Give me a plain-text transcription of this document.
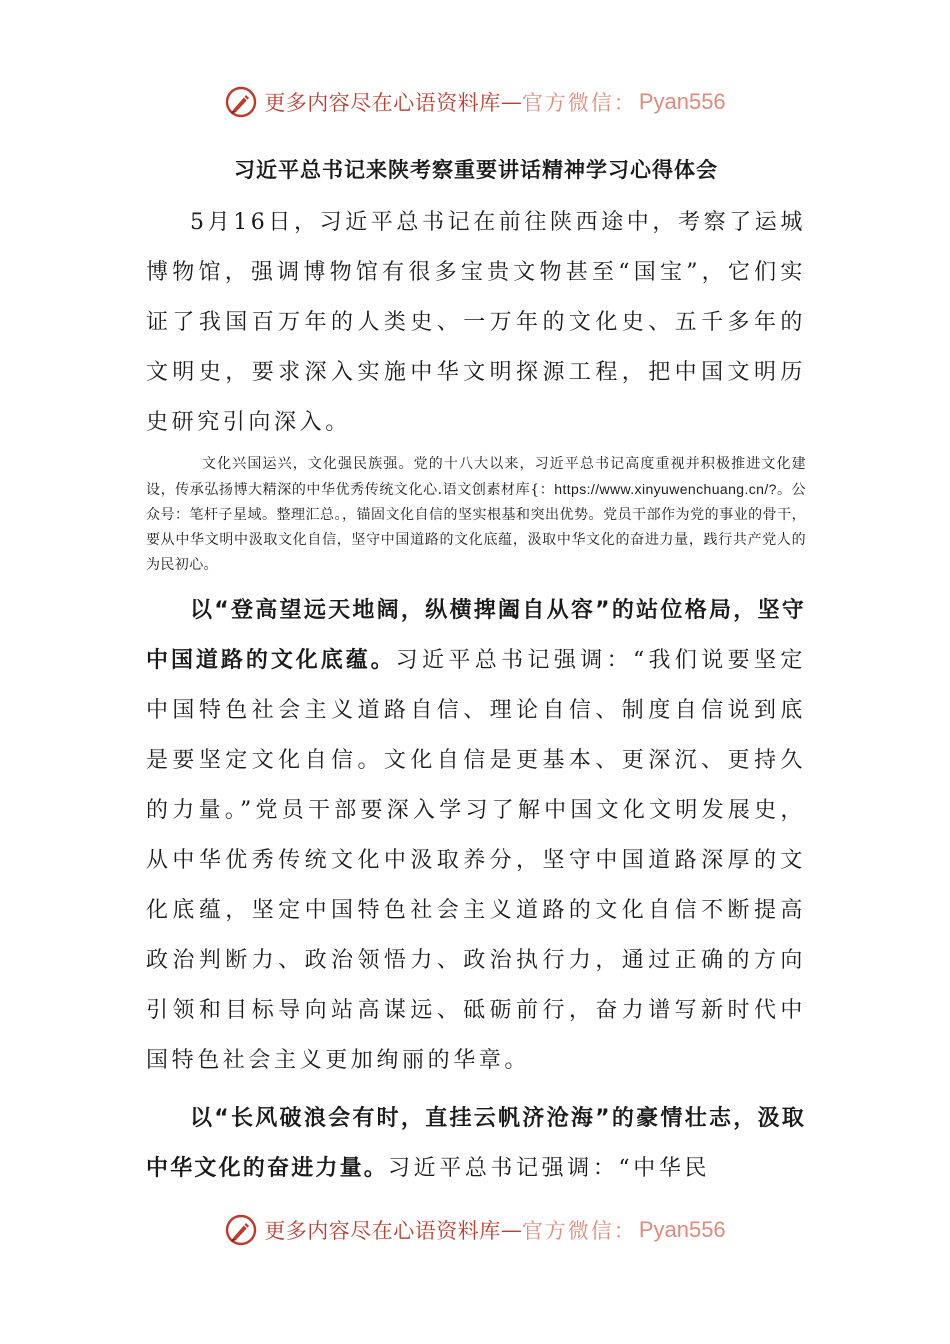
更多内容尽在心语资料库 — 官方微信： Pyan556
习近平总书记来陕考察重要讲话精神学习心得体会

5月16日，习近平总书记在前往陕西途中，考察了运城博物馆，强调博物馆有很多宝贵文物甚至“国宝”，它们实证了我国百万年的人类史、一万年的文化史、五千多年的文明史，要求深入实施中华文明探源工程，把中国文明历史研究引向深入。

文化兴国运兴，文化强民族强。党的十八大以来，习近平总书记高度重视并积极推进文化建设，传承弘扬博大精深的中华优秀传统文化心.语文创素材库{：https://www.xinyuwenchuang.cn/?。公众号：笔杆子星域。整理汇总。，锚固文化自信的坚实根基和突出优势。党员干部作为党的事业的骨干，要从中华文明中汲取文化自信，坚守中国道路的文化底蕴，汲取中华文化的奋进力量，践行共产党人的为民初心。

以“登高望远天地阔，纵横捭阖自从容”的站位格局，坚守中国道路的文化底蕴。习近平总书记强调：“我们说要坚定中国特色社会主义道路自信、理论自信、制度自信说到底是要坚定文化自信。文化自信是更基本、更深沉、更持久的力量。”党员干部要深入学习了解中国文化文明发展史，从中华优秀传统文化中汲取养分，坚守中国道路深厚的文化底蕴，坚定中国特色社会主义道路的文化自信不断提高政治判断力、政治领悟力、政治执行力，通过正确的方向引领和目标导向站高谋远、砥砺前行，奋力谱写新时代中国特色社会主义更加绚丽的华章。

以“长风破浪会有时，直挂云帆济沧海”的豪情壮志，汲取中华文化的奋进力量。习近平总书记强调：“中华民

更多内容尽在心语资料库 — 官方微信： Pyan556
